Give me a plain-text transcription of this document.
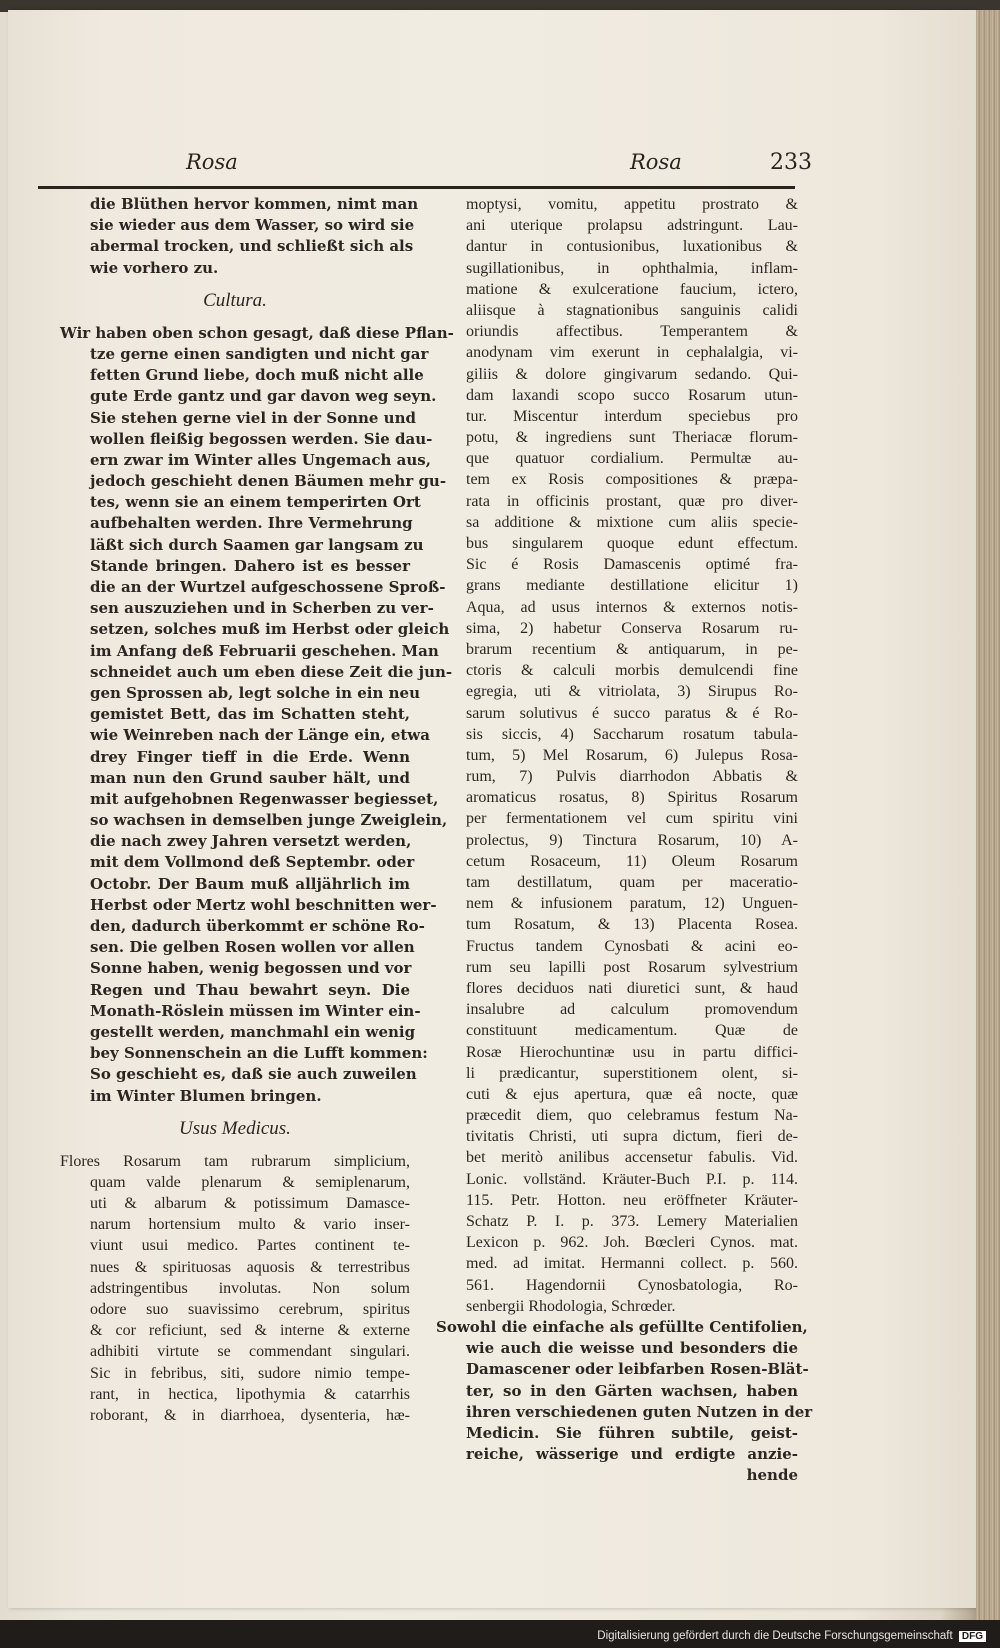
Rosa	Rosa	233
die Blüthen hervor kommen, nimt man
sie wieder aus dem Wasser, so wird sie
abermal trocken, und schließt sich als
wie vorhero zu.
Cultura.
Wir haben oben schon gesagt, daß diese Pflan-
tze gerne einen sandigten und nicht gar
fetten Grund liebe, doch muß nicht alle
gute Erde gantz und gar davon weg seyn.
Sie stehen gerne viel in der Sonne und
wollen fleißig begossen werden. Sie dau-
ern zwar im Winter alles Ungemach aus,
jedoch geschieht denen Bäumen mehr gu-
tes, wenn sie an einem temperirten Ort
aufbehalten werden. Ihre Vermehrung
läßt sich durch Saamen gar langsam zu
Stande bringen. Dahero ist es besser
die an der Wurtzel aufgeschossene Sproß-
sen auszuziehen und in Scherben zu ver-
setzen, solches muß im Herbst oder gleich
im Anfang deß Februarii geschehen. Man
schneidet auch um eben diese Zeit die jun-
gen Sprossen ab, legt solche in ein neu
gemistet Bett, das im Schatten steht,
wie Weinreben nach der Länge ein, etwa
drey Finger tieff in die Erde. Wenn
man nun den Grund sauber hält, und
mit aufgehobnen Regenwasser begiesset,
so wachsen in demselben junge Zweiglein,
die nach zwey Jahren versetzt werden,
mit dem Vollmond deß Septembr. oder
Octobr. Der Baum muß alljährlich im
Herbst oder Mertz wohl beschnitten wer-
den, dadurch überkommt er schöne Ro-
sen. Die gelben Rosen wollen vor allen
Sonne haben, wenig begossen und vor
Regen und Thau bewahrt seyn. Die
Monath-Röslein müssen im Winter ein-
gestellt werden, manchmahl ein wenig
bey Sonnenschein an die Lufft kommen:
So geschieht es, daß sie auch zuweilen
im Winter Blumen bringen.
Usus Medicus.
Flores Rosarum tam rubrarum simplicium,
quam valde plenarum & semiplenarum,
uti & albarum & potissimum Damasce-
narum hortensium multo & vario inser-
viunt usui medico. Partes continent te-
nues & spirituosas aquosis & terrestribus
adstringentibus involutas. Non solum
odore suo suavissimo cerebrum, spiritus
& cor reficiunt, sed & interne & externe
adhibiti virtute se commendant singulari.
Sic in febribus, siti, sudore nimio tempe-
rant, in hectica, lipothymia & catarrhis
roborant, & in diarrhoea, dysenteria, hæ-
moptysi, vomitu, appetitu prostrato &
ani uterique prolapsu adstringunt. Lau-
dantur in contusionibus, luxationibus &
sugillationibus, in ophthalmia, inflam-
matione & exulceratione faucium, ictero,
aliisque à stagnationibus sanguinis calidi
oriundis affectibus. Temperantem &
anodynam vim exerunt in cephalalgia, vi-
giliis & dolore gingivarum sedando. Qui-
dam laxandi scopo succo Rosarum utun-
tur. Miscentur interdum speciebus pro
potu, & ingrediens sunt Theriacæ florum-
que quatuor cordialium. Permultæ au-
tem ex Rosis compositiones & præpa-
rata in officinis prostant, quæ pro diver-
sa additione & mixtione cum aliis specie-
bus singularem quoque edunt effectum.
Sic é Rosis Damascenis optimé fra-
grans mediante destillatione elicitur 1)
Aqua, ad usus internos & externos notis-
sima, 2) habetur Conserva Rosarum ru-
brarum recentium & antiquarum, in pe-
ctoris & calculi morbis demulcendi fine
egregia, uti & vitriolata, 3) Sirupus Ro-
sarum solutivus é succo paratus & é Ro-
sis siccis, 4) Saccharum rosatum tabula-
tum, 5) Mel Rosarum, 6) Julepus Rosa-
rum, 7) Pulvis diarrhodon Abbatis &
aromaticus rosatus, 8) Spiritus Rosarum
per fermentationem vel cum spiritu vini
prolectus, 9) Tinctura Rosarum, 10) A-
cetum Rosaceum, 11) Oleum Rosarum
tam destillatum, quam per maceratio-
nem & infusionem paratum, 12) Unguen-
tum Rosatum, & 13) Placenta Rosea.
Fructus tandem Cynosbati & acini eo-
rum seu lapilli post Rosarum sylvestrium
flores deciduos nati diuretici sunt, & haud
insalubre ad calculum promovendum
constituunt medicamentum. Quæ de
Rosæ Hierochuntinæ usu in partu diffici-
li prædicantur, superstitionem olent, si-
cuti & ejus apertura, quæ eâ nocte, quæ
præcedit diem, quo celebramus festum Na-
tivitatis Christi, uti supra dictum, fieri de-
bet meritò anilibus accensetur fabulis. Vid.
Lonic. vollständ. Kräuter-Buch P.I. p. 114.
115. Petr. Hotton. neu eröffneter Kräuter-
Schatz P. I. p. 373. Lemery Materialien
Lexicon p. 962. Joh. Bœcleri Cynos. mat.
med. ad imitat. Hermanni collect. p. 560.
561. Hagendornii Cynosbatologia, Ro-
senbergii Rhodologia, Schrœder.
Sowohl die einfache als gefüllte Centifolien,
wie auch die weisse und besonders die
Damascener oder leibfarben Rosen-Blät-
ter, so in den Gärten wachsen, haben
ihren verschiedenen guten Nutzen in der
Medicin. Sie führen subtile, geist-
reiche, wässerige und erdigte anzie-
hende
Digitalisierung gefördert durch die Deutsche Forschungsgemeinschaft DFG
